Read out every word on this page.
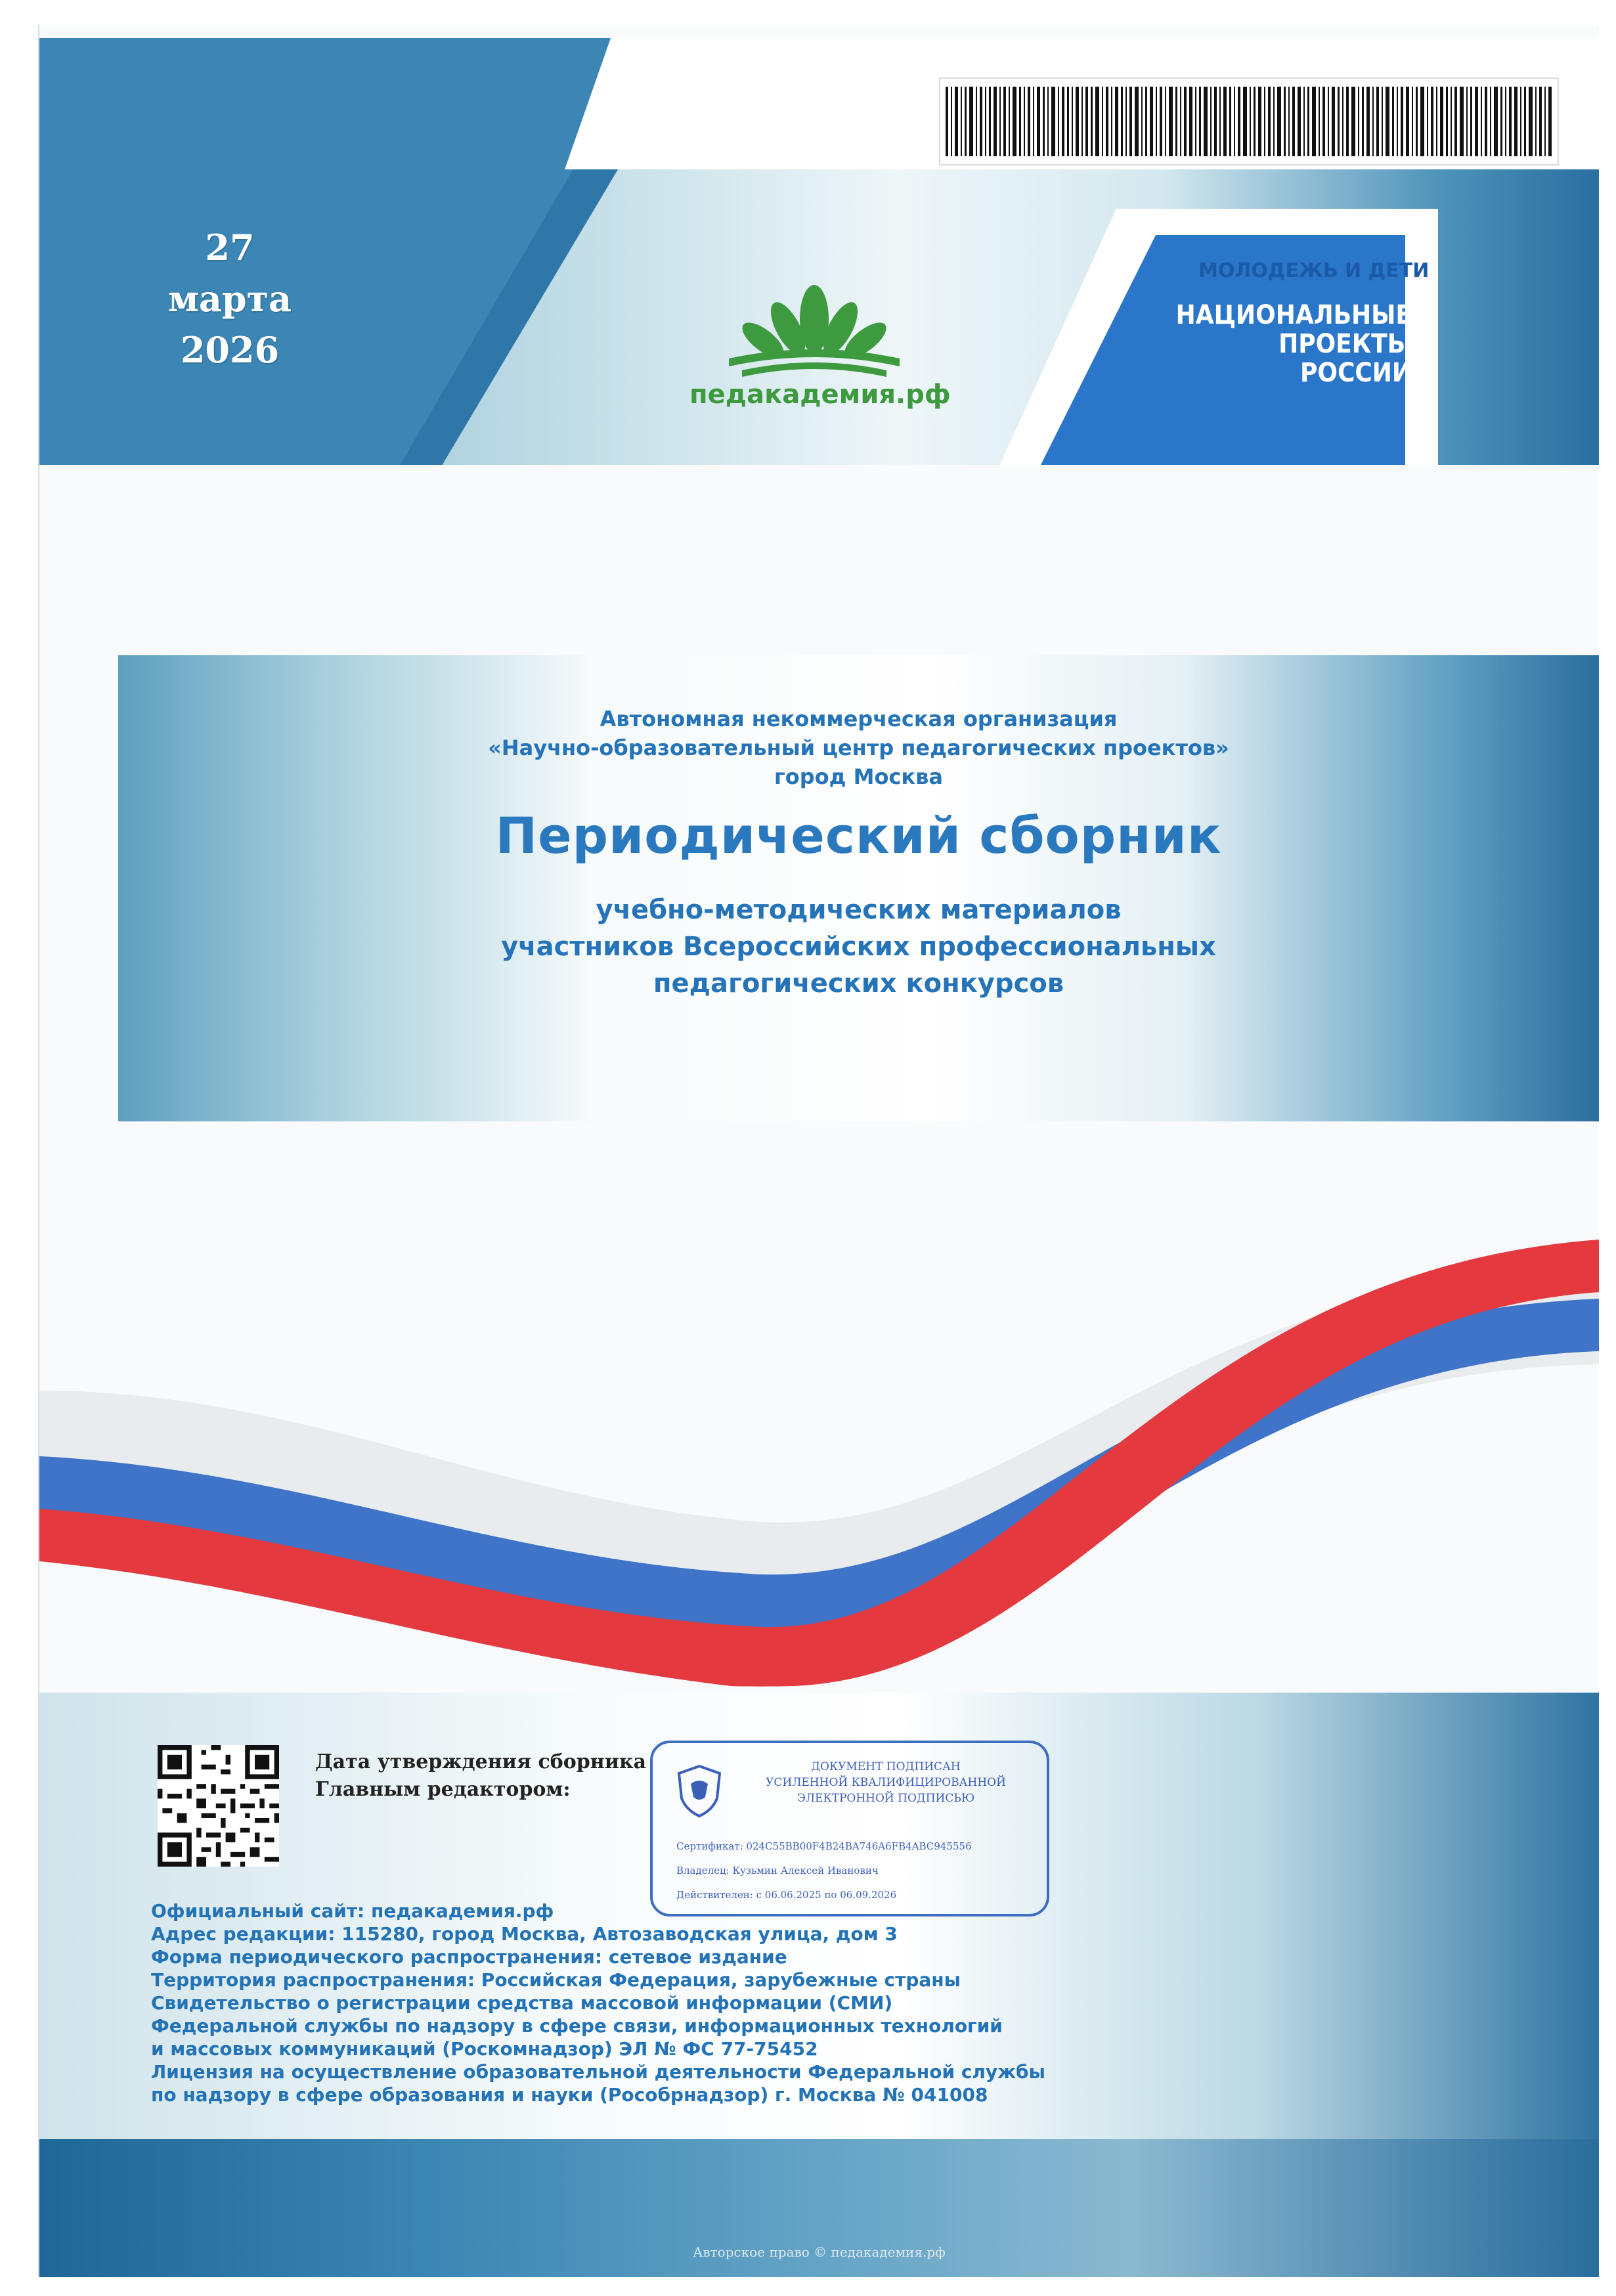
27 марта
2026
педакадемия.рф
МОЛОДЕЖЬ И ДЕТИ
НАЦИОНАЛЬНЫЕ
ПРОЕКТЫ
РОССИИ
Автономная некоммерческая организация
«Научно-образовательный центр педагогических проектов»
город Москва
Периодический сборник
учебно-методических материалов
участников Всероссийских профессиональных
педагогических конкурсов
Дата утверждения сборника
Главным редактором:
ДОКУМЕНТ ПОДПИСАН
УСИЛЕННОЙ КВАЛИФИЦИРОВАННОЙ
ЭЛЕКТРОННОЙ ПОДПИСЬЮ
Сертификат: 024C55BB00F4B24BA746A6FB4ABC945556
Владелец: Кузьмин Алексей Иванович
Действителен: с 06.06.2025 по 06.09.2026
Официальный сайт: педакадемия.рф
Адрес редакции: 115280, город Москва, Автозаводская улица, дом 3
Форма периодического распространения: сетевое издание
Территория распространения: Российская Федерация, зарубежные страны
Свидетельство о регистрации средства массовой информации (СМИ)
Федеральной службы по надзору в сфере связи, информационных технологий
и массовых коммуникаций (Роскомнадзор) ЭЛ № ФС 77-75452
Лицензия на осуществление образовательной деятельности Федеральной службы
по надзору в сфере образования и науки (Рособрнадзор) г. Москва № 041008
Авторское право © педакадемия.рф
